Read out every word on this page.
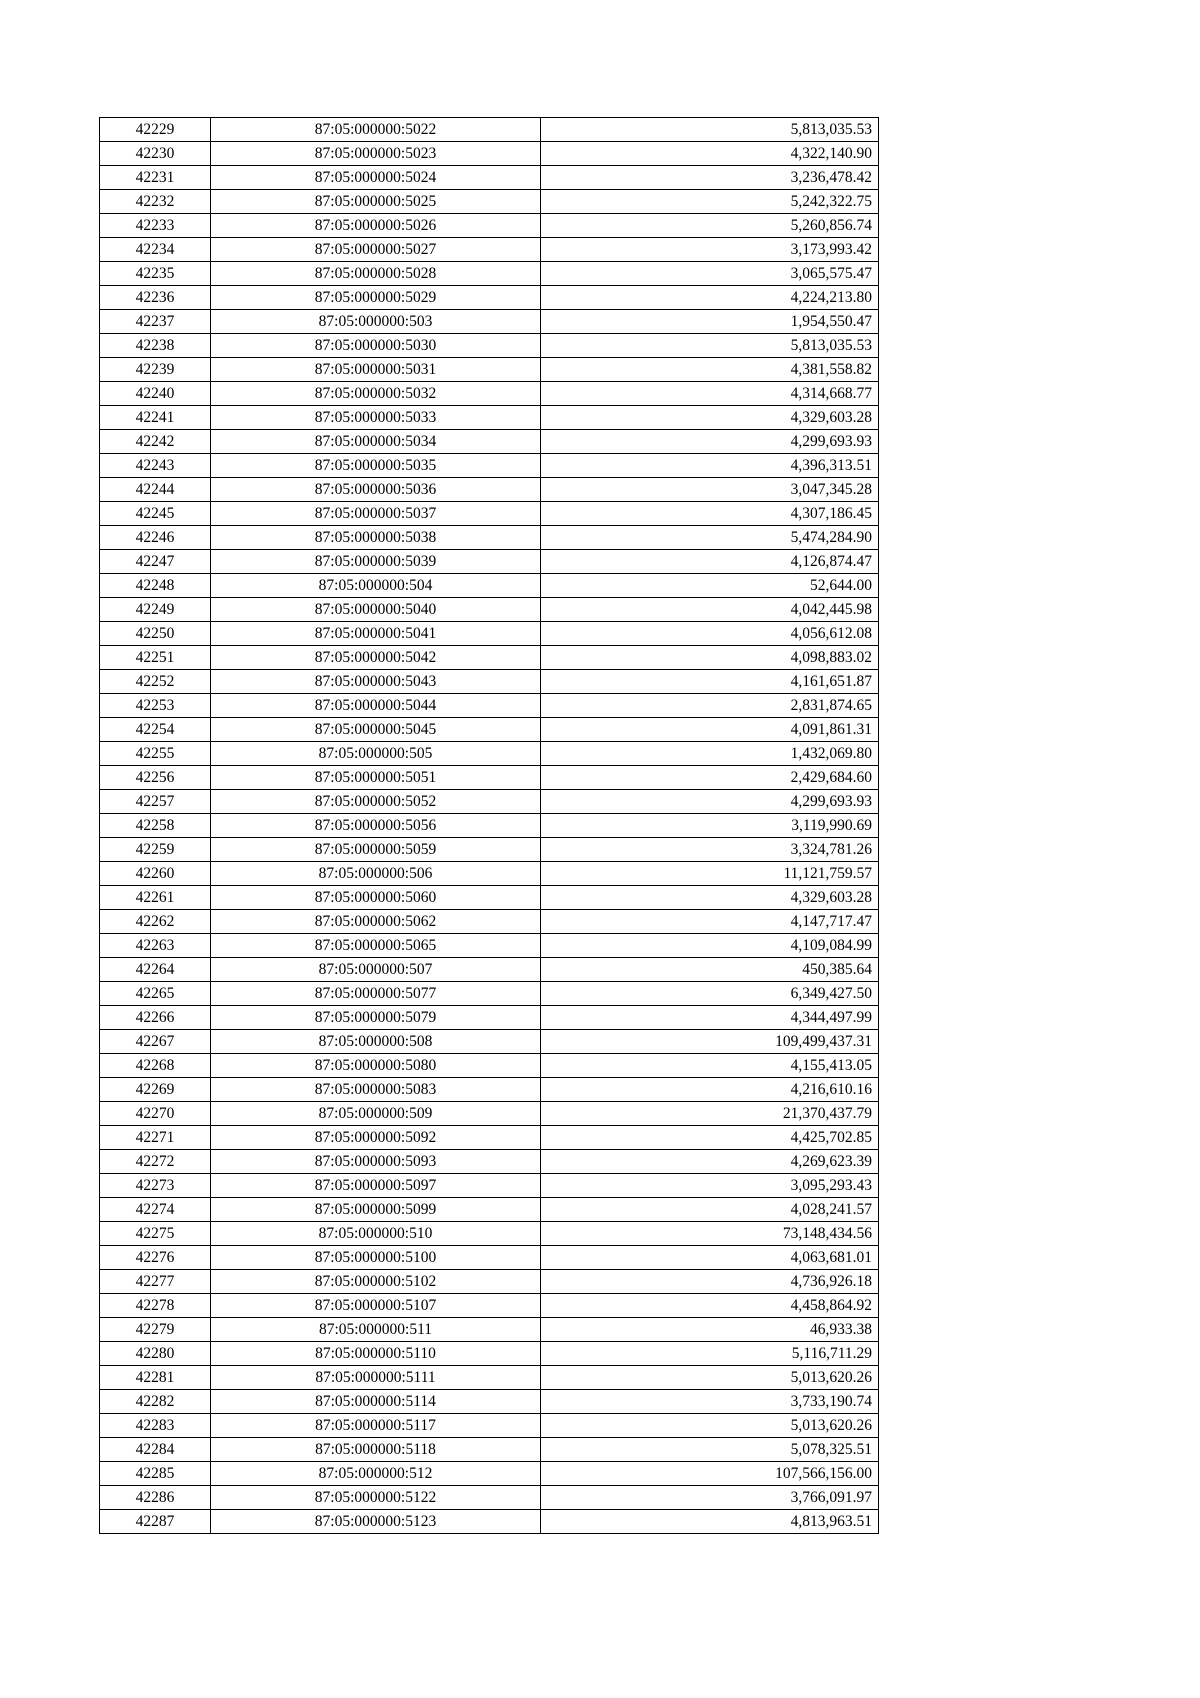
42229	87:05:000000:5022	5,813,035.53
42230	87:05:000000:5023	4,322,140.90
42231	87:05:000000:5024	3,236,478.42
42232	87:05:000000:5025	5,242,322.75
42233	87:05:000000:5026	5,260,856.74
42234	87:05:000000:5027	3,173,993.42
42235	87:05:000000:5028	3,065,575.47
42236	87:05:000000:5029	4,224,213.80
42237	87:05:000000:503	1,954,550.47
42238	87:05:000000:5030	5,813,035.53
42239	87:05:000000:5031	4,381,558.82
42240	87:05:000000:5032	4,314,668.77
42241	87:05:000000:5033	4,329,603.28
42242	87:05:000000:5034	4,299,693.93
42243	87:05:000000:5035	4,396,313.51
42244	87:05:000000:5036	3,047,345.28
42245	87:05:000000:5037	4,307,186.45
42246	87:05:000000:5038	5,474,284.90
42247	87:05:000000:5039	4,126,874.47
42248	87:05:000000:504	52,644.00
42249	87:05:000000:5040	4,042,445.98
42250	87:05:000000:5041	4,056,612.08
42251	87:05:000000:5042	4,098,883.02
42252	87:05:000000:5043	4,161,651.87
42253	87:05:000000:5044	2,831,874.65
42254	87:05:000000:5045	4,091,861.31
42255	87:05:000000:505	1,432,069.80
42256	87:05:000000:5051	2,429,684.60
42257	87:05:000000:5052	4,299,693.93
42258	87:05:000000:5056	3,119,990.69
42259	87:05:000000:5059	3,324,781.26
42260	87:05:000000:506	11,121,759.57
42261	87:05:000000:5060	4,329,603.28
42262	87:05:000000:5062	4,147,717.47
42263	87:05:000000:5065	4,109,084.99
42264	87:05:000000:507	450,385.64
42265	87:05:000000:5077	6,349,427.50
42266	87:05:000000:5079	4,344,497.99
42267	87:05:000000:508	109,499,437.31
42268	87:05:000000:5080	4,155,413.05
42269	87:05:000000:5083	4,216,610.16
42270	87:05:000000:509	21,370,437.79
42271	87:05:000000:5092	4,425,702.85
42272	87:05:000000:5093	4,269,623.39
42273	87:05:000000:5097	3,095,293.43
42274	87:05:000000:5099	4,028,241.57
42275	87:05:000000:510	73,148,434.56
42276	87:05:000000:5100	4,063,681.01
42277	87:05:000000:5102	4,736,926.18
42278	87:05:000000:5107	4,458,864.92
42279	87:05:000000:511	46,933.38
42280	87:05:000000:5110	5,116,711.29
42281	87:05:000000:5111	5,013,620.26
42282	87:05:000000:5114	3,733,190.74
42283	87:05:000000:5117	5,013,620.26
42284	87:05:000000:5118	5,078,325.51
42285	87:05:000000:512	107,566,156.00
42286	87:05:000000:5122	3,766,091.97
42287	87:05:000000:5123	4,813,963.51
